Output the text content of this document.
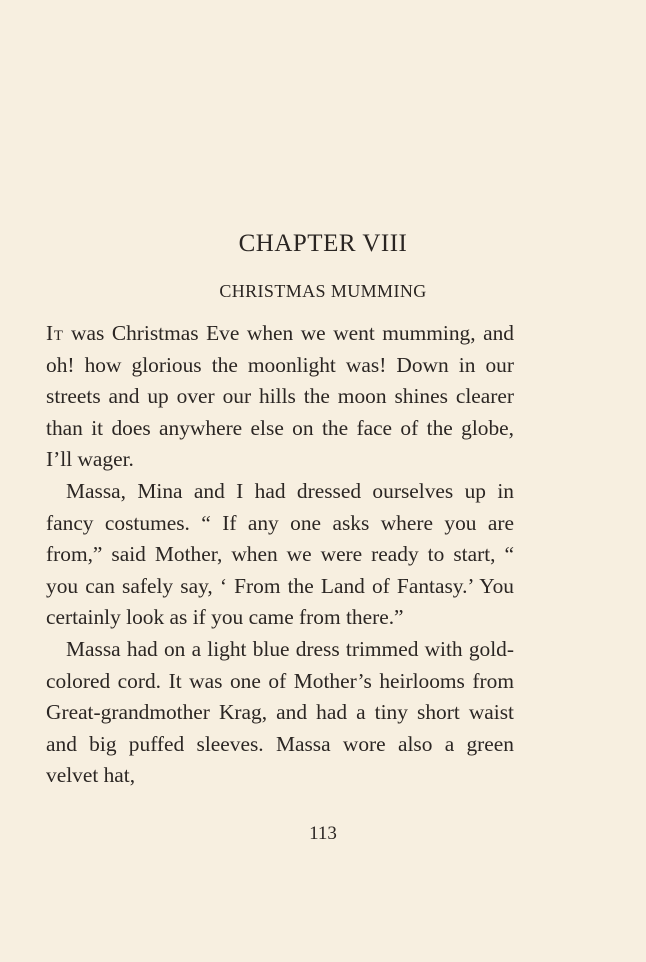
CHAPTER VIII
CHRISTMAS MUMMING

It was Christmas Eve when we went mumming, and oh! how glorious the moonlight was! Down in our streets and up over our hills the moon shines clearer than it does anywhere else on the face of the globe, I’ll wager.

Massa, Mina and I had dressed ourselves up in fancy costumes. “ If any one asks where you are from,” said Mother, when we were ready to start, “ you can safely say, ‘ From the Land of Fantasy.’ You certainly look as if you came from there.”

Massa had on a light blue dress trimmed with gold-colored cord. It was one of Mother’s heirlooms from Great-grandmother Krag, and had a tiny short waist and big puffed sleeves. Massa wore also a green velvet hat,

113
